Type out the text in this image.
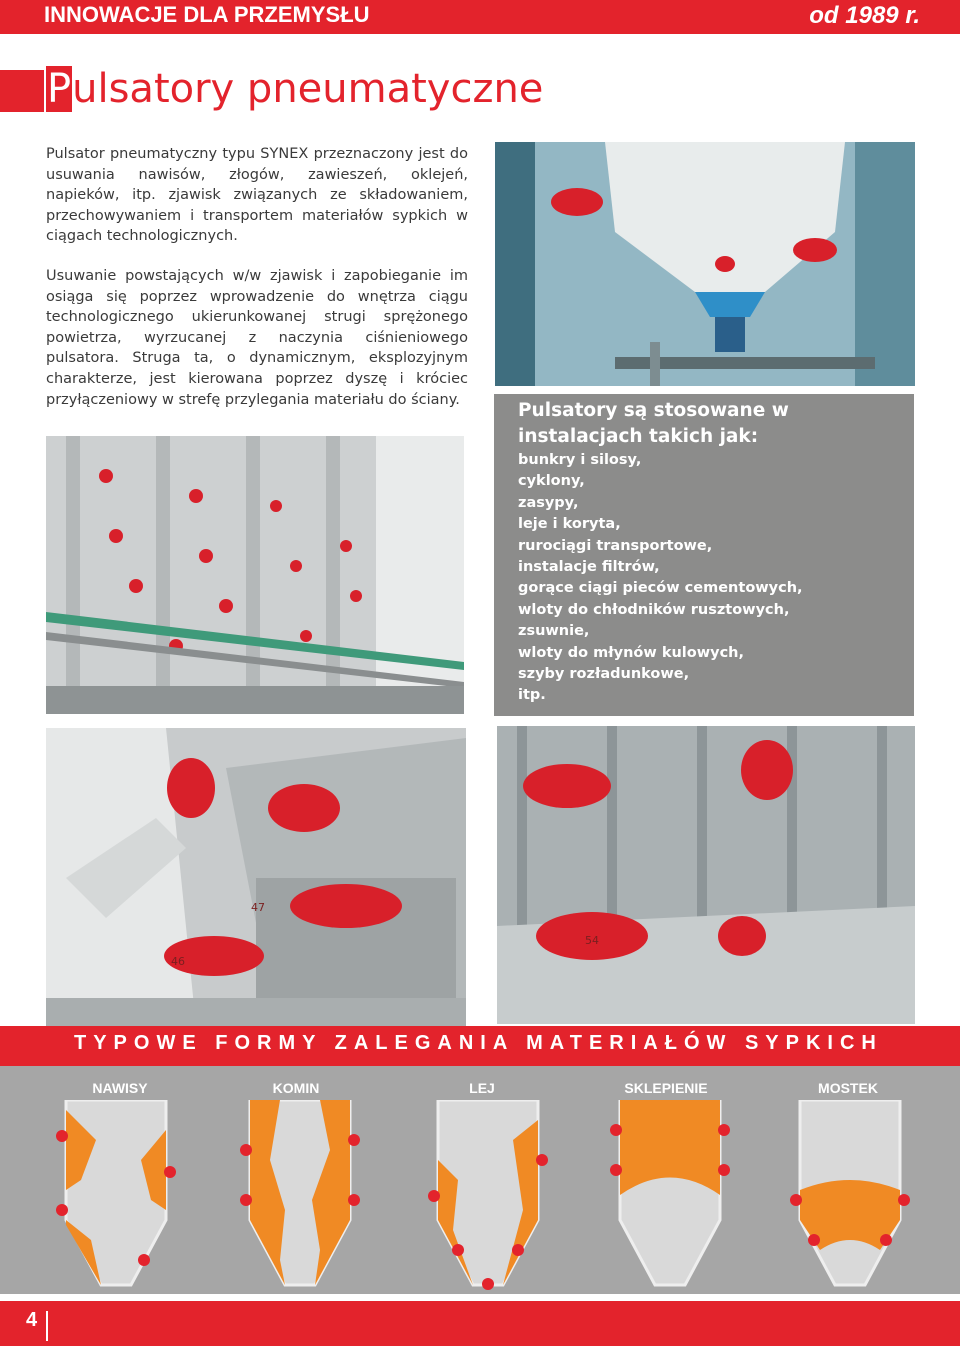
INNOWACJE DLA PRZEMYSŁU	od 1989 r.
Pulsatory pneumatyczne

Pulsator pneumatyczny typu SYNEX przeznaczony jest do usuwania nawisów, złogów, zawieszeń, oklejeń, napieków, itp. zjawisk związanych ze składowaniem, przechowywaniem i transportem materiałów sypkich w ciągach technologicznych.

Usuwanie powstających w/w zjawisk i zapobieganie im osiąga się poprzez wprowadzenie do wnętrza ciągu technologicznego ukierunkowanej strugi sprężonego powietrza, wyrzucanej z naczynia ciśnieniowego pulsatora. Struga ta, o dynamicznym, eksplozyjnym charakterze, jest kierowana poprzez dyszę i króciec przyłączeniowy w strefę przylegania materiału do ściany.

Pulsatory są stosowane w instalacjach takich jak:
bunkry i silosy,
cyklony,
zasypy,
leje i koryta,
rurociągi transportowe,
instalacje filtrów,
gorące ciągi pieców cementowych,
wloty do chłodników rusztowych,
zsuwnie,
wloty do młynów kulowych,
szyby rozładunkowe,
itp.
47
46
54
TYPOWE FORMY ZALEGANIA MATERIAŁÓW SYPKICH
NAWISY	KOMIN	LEJ	SKLEPIENIE	MOSTEK
4
